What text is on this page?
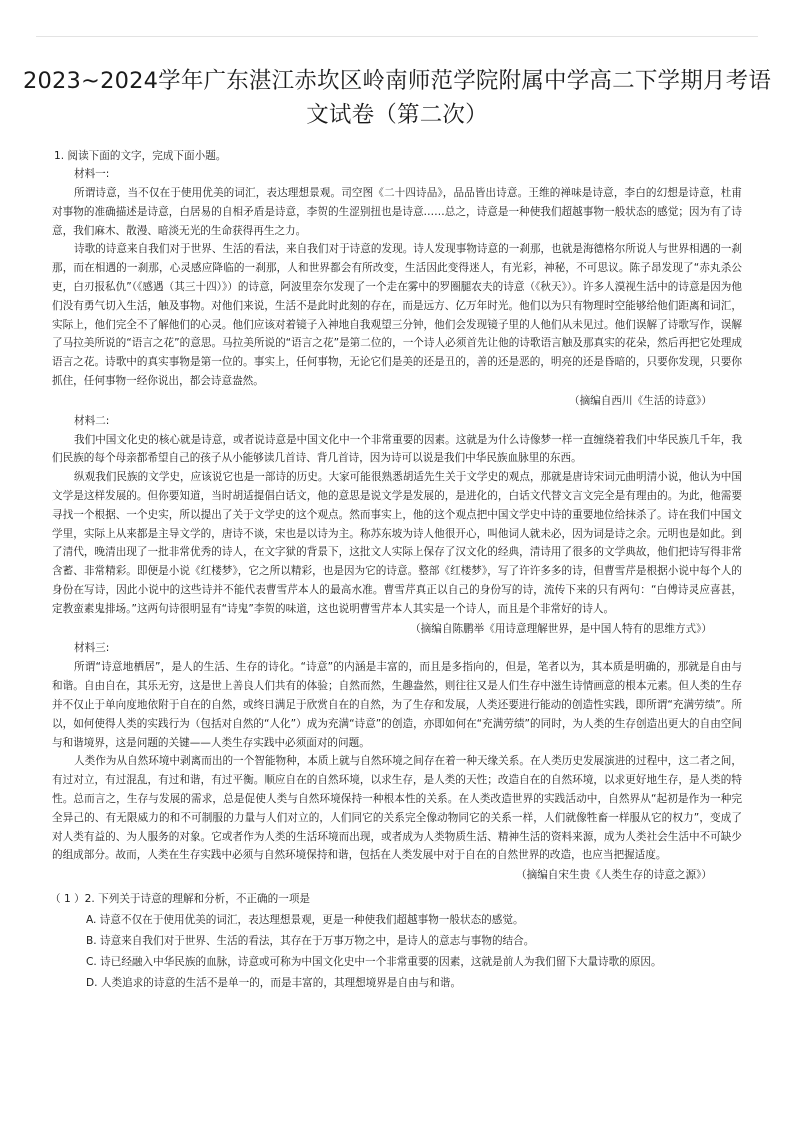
2023~2024学年广东湛江赤坎区岭南师范学院附属中学高二下学期月考语文试卷（第二次）
1. 阅读下面的文字，完成下面小题。
材料一:

所谓诗意，当不仅在于使用优美的词汇，表达理想景观。司空图《二十四诗品》，品品皆出诗意。王维的禅味是诗意，李白的幻想是诗意，杜甫对事物的准确描述是诗意，白居易的自相矛盾是诗意，李贺的生涩别扭也是诗意……总之，诗意是一种使我们超越事物一般状态的感觉；因为有了诗意，我们麻木、散漫、暗淡无光的生命获得再生之力。

诗歌的诗意来自我们对于世界、生活的看法，来自我们对于诗意的发现。诗人发现事物诗意的一刹那，也就是海德格尔所说人与世界相遇的一刹那，而在相遇的一刹那，心灵感应降临的一刹那，人和世界都会有所改变，生活因此变得迷人，有光彩，神秘，不可思议。陈子昂发现了“赤丸杀公吏，白刃报私仇”（《感遇（其三十四）》）的诗意，阿波里奈尔发现了一个走在雾中的罗圈腿农夫的诗意（《秋天》）。许多人漠视生活中的诗意是因为他们没有勇气切入生活，触及事物。对他们来说，生活不是此时此刻的存在，而是远方、亿万年时光。他们以为只有物理时空能够给他们距离和词汇，实际上，他们完全不了解他们的心灵。他们应该对着镜子入神地自我观望三分钟，他们会发现镜子里的人他们从未见过。他们误解了诗歌写作，误解了马拉美所说的“语言之花”的意思。马拉美所说的“语言之花”是第二位的，一个诗人必须首先让他的诗歌语言触及那真实的花朵，然后再把它处理成语言之花。诗歌中的真实事物是第一位的。事实上，任何事物，无论它们是美的还是丑的，善的还是恶的，明亮的还是昏暗的，只要你发现，只要你抓住，任何事物一经你说出，都会诗意盎然。

（摘编自西川《生活的诗意》）
材料二:

我们中国文化史的核心就是诗意，或者说诗意是中国文化中一个非常重要的因素。这就是为什么诗像梦一样一直缠绕着我们中华民族几千年，我们民族的每个母亲都希望自己的孩子从小能够读几首诗、背几首诗，因为诗可以说是我们中华民族血脉里的东西。

纵观我们民族的文学史，应该说它也是一部诗的历史。大家可能很熟悉胡适先生关于文学史的观点，那就是唐诗宋词元曲明清小说，他认为中国文学是这样发展的。但你要知道，当时胡适提倡白话文，他的意思是说文学是发展的，是进化的，白话文代替文言文完全是有理由的。为此，他需要寻找一个根据、一个史实，所以提出了关于文学史的这个观点。然而事实上，他的这个观点把中国文学史中诗的重要地位给抹杀了。诗在我们中国文学里，实际上从来都是主导文学的，唐诗不谈，宋也是以诗为主。称苏东坡为诗人他很开心，叫他词人就未必，因为词是诗之余。元明也是如此。到了清代，晚清出现了一批非常优秀的诗人，在文字狱的背景下，这批文人实际上保存了汉文化的经典，清诗用了很多的文学典故，他们把诗写得非常含蓄、非常精彩。即便是小说《红楼梦》，它之所以精彩，也是因为它的诗意。整部《红楼梦》，写了许许多多的诗，但曹雪芹是根据小说中每个人的身份在写诗，因此小说中的这些诗并不能代表曹雪芹本人的最高水准。曹雪芹真正以自己的身份写的诗，流传下来的只有两句：“白傅诗灵应喜甚，定教蛮素鬼排场。”这两句诗很明显有“诗鬼”李贺的味道，这也说明曹雪芹本人其实是一个诗人，而且是个非常好的诗人。

（摘编自陈鹏举《用诗意理解世界，是中国人特有的思维方式》）
材料三:

所谓“诗意地栖居”，是人的生活、生存的诗化。“诗意”的内涵是丰富的，而且是多指向的，但是，笔者以为，其本质是明确的，那就是自由与和谐。自由自在，其乐无穷，这是世上善良人们共有的体验；自然而然，生趣盎然，则往往又是人们生存中滋生诗情画意的根本元素。但人类的生存并不仅止于单向度地依附于自在的自然，或终日满足于欣赏自在的自然，为了生存和发展，人类还要进行能动的创造性实践，即所谓“充满劳绩”。所以，如何使得人类的实践行为（包括对自然的“人化”）成为充满“诗意”的创造，亦即如何在“充满劳绩”的同时，为人类的生存创造出更大的自由空间与和谐境界，这是问题的关键——人类生存实践中必须面对的问题。

人类作为从自然环境中剥离而出的一个智能物种，本质上就与自然环境之间存在着一种天缘关系。在人类历史发展演进的过程中，这二者之间，有过对立，有过混乱，有过和谐，有过平衡。顺应自在的自然环境，以求生存，是人类的天性；改造自在的自然环境，以求更好地生存，是人类的特性。总而言之，生存与发展的需求，总是促使人类与自然环境保持一种根本性的关系。在人类改造世界的实践活动中，自然界从“起初是作为一种完全异己的、有无限威力的和不可制服的力量与人们对立的，人们同它的关系完全像动物同它的关系一样，人们就像牲畜一样服从它的权力”，变成了对人类有益的、为人服务的对象。它或者作为人类的生活环境而出现，或者成为人类物质生活、精神生活的资料来源，成为人类社会生活中不可缺少的组成部分。故而，人类在生存实践中必须与自然环境保持和谐，包括在人类发展中对于自在的自然世界的改造，也应当把握适度。

（摘编自宋生贵《人类生存的诗意之源》）
（ 1 ）2. 下列关于诗意的理解和分析，不正确的一项是
A. 诗意不仅在于使用优美的词汇，表达理想景观，更是一种使我们超越事物一般状态的感觉。
B. 诗意来自我们对于世界、生活的看法，其存在于万事万物之中，是诗人的意志与事物的结合。
C. 诗已经融入中华民族的血脉，诗意或可称为中国文化史中一个非常重要的因素，这就是前人为我们留下大量诗歌的原因。
D. 人类追求的诗意的生活不是单一的，而是丰富的，其理想境界是自由与和谐。
